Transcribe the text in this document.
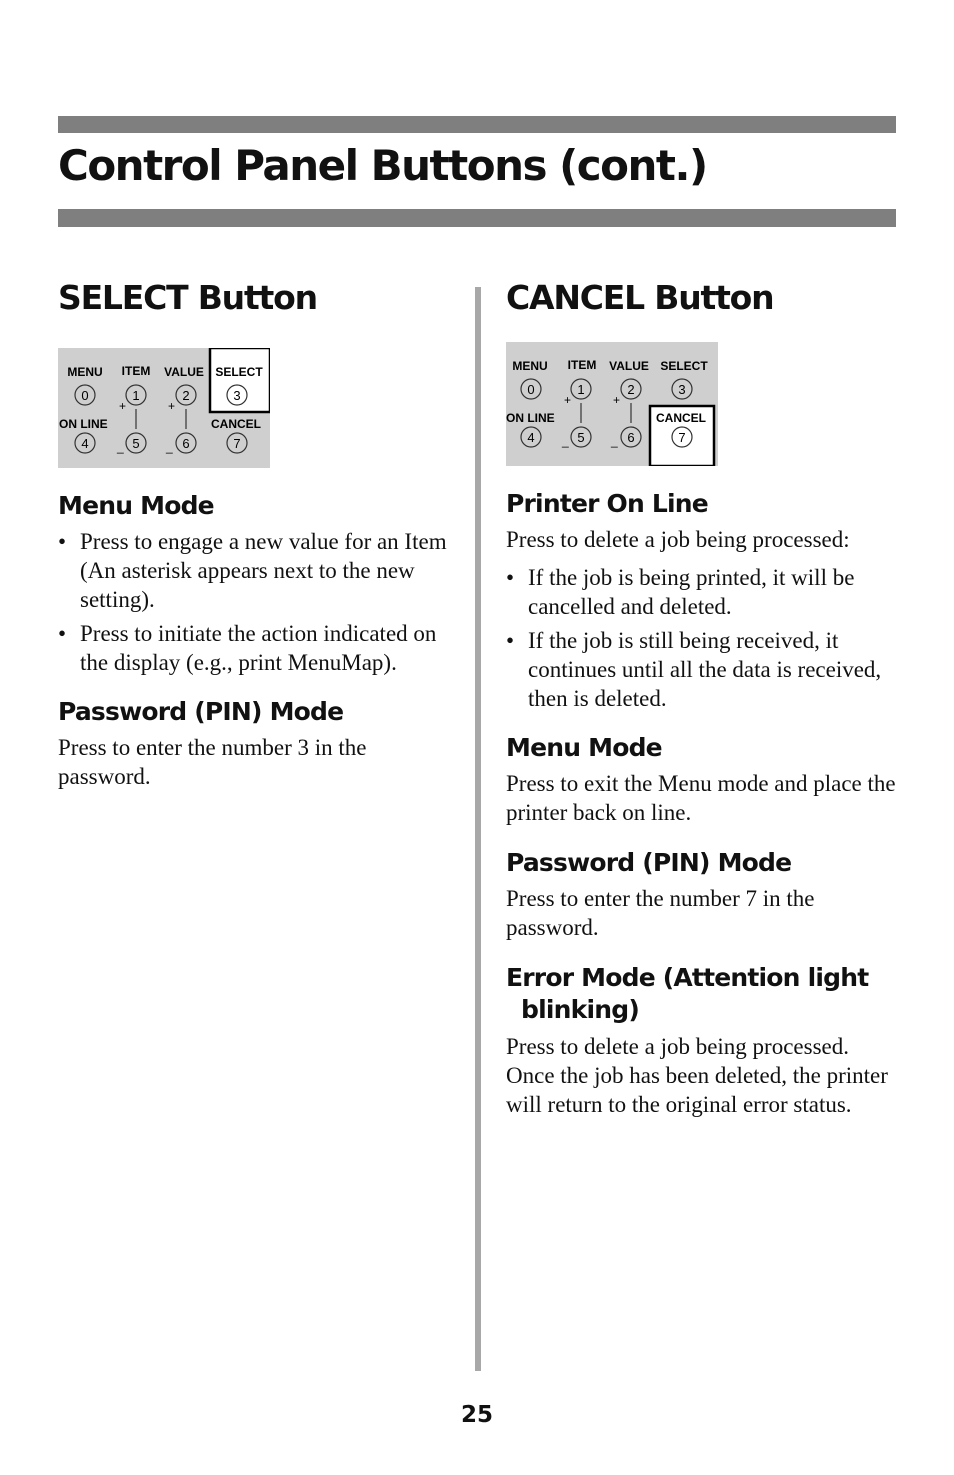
Control Panel Buttons (cont.)
SELECT Button
MENU ITEM VALUE SELECT
ON LINE	CANCEL
0	1	2	3
4	5	6	7
+	+
_	_
Menu Mode
• Press to engage a new value for an Item (An asterisk appears next to the new setting).
• Press to initiate the action indicated on the display (e.g., print MenuMap).
Password (PIN) Mode

Press to enter the number 3 in the password.

CANCEL Button
MENU ITEM VALUE SELECT
ON LINE	CANCEL
0	1	2	3
4	5	6	7
+	+
_	_
Printer On Line

Press to delete a job being processed:

• If the job is being printed, it will be cancelled and deleted.
• If the job is still being received, it continues until all the data is received, then is deleted.
Menu Mode

Press to exit the Menu mode and place the printer back on line.

Password (PIN) Mode

Press to enter the number 7 in the password.

Error Mode (Attention light blinking)

Press to delete a job being processed. Once the job has been deleted, the printer will return to the original error status.

25
